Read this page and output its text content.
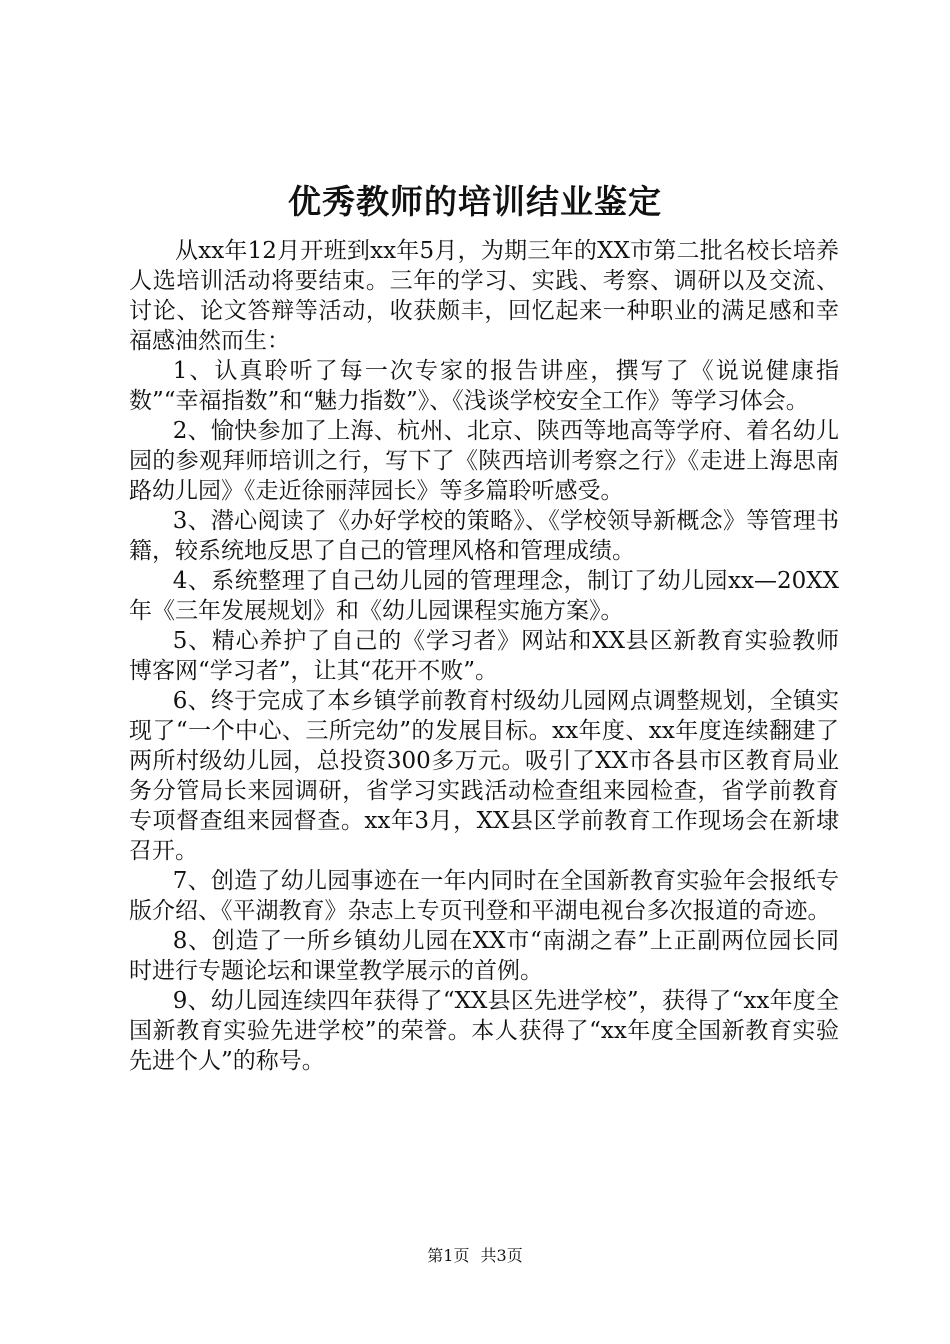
优秀教师的培训结业鉴定

从xx年12月开班到xx年5月，为期三年的XX市第二批名校长培养人选培训活动将要结束。三年的学习、实践、考察、调研以及交流、讨论、论文答辩等活动，收获颇丰，回忆起来一种职业的满足感和幸福感油然而生：

1、认真聆听了每一次专家的报告讲座，撰写了《说说健康指数”“幸福指数”和“魅力指数”》、《浅谈学校安全工作》等学习体会。

2、愉快参加了上海、杭州、北京、陕西等地高等学府、着名幼儿园的参观拜师培训之行，写下了《陕西培训考察之行》《走进上海思南路幼儿园》《走近徐丽萍园长》等多篇聆听感受。

3、潜心阅读了《办好学校的策略》、《学校领导新概念》等管理书籍，较系统地反思了自己的管理风格和管理成绩。

4、系统整理了自己幼儿园的管理理念，制订了幼儿园xx—20XX年《三年发展规划》和《幼儿园课程实施方案》。

5、精心养护了自己的《学习者》网站和XX县区新教育实验教师博客网“学习者”，让其“花开不败”。

6、终于完成了本乡镇学前教育村级幼儿园网点调整规划，全镇实现了“一个中心、三所完幼”的发展目标。xx年度、xx年度连续翻建了两所村级幼儿园，总投资300多万元。吸引了XX市各县市区教育局业务分管局长来园调研，省学习实践活动检查组来园检查，省学前教育专项督查组来园督查。xx年3月，XX县区学前教育工作现场会在新埭召开。

7、创造了幼儿园事迹在一年内同时在全国新教育实验年会报纸专版介绍、《平湖教育》杂志上专页刊登和平湖电视台多次报道的奇迹。

8、创造了一所乡镇幼儿园在XX市“南湖之春”上正副两位园长同时进行专题论坛和课堂教学展示的首例。

9、幼儿园连续四年获得了“XX县区先进学校”，获得了“xx年度全国新教育实验先进学校”的荣誉。本人获得了“xx年度全国新教育实验先进个人”的称号。

第1页 共3页
